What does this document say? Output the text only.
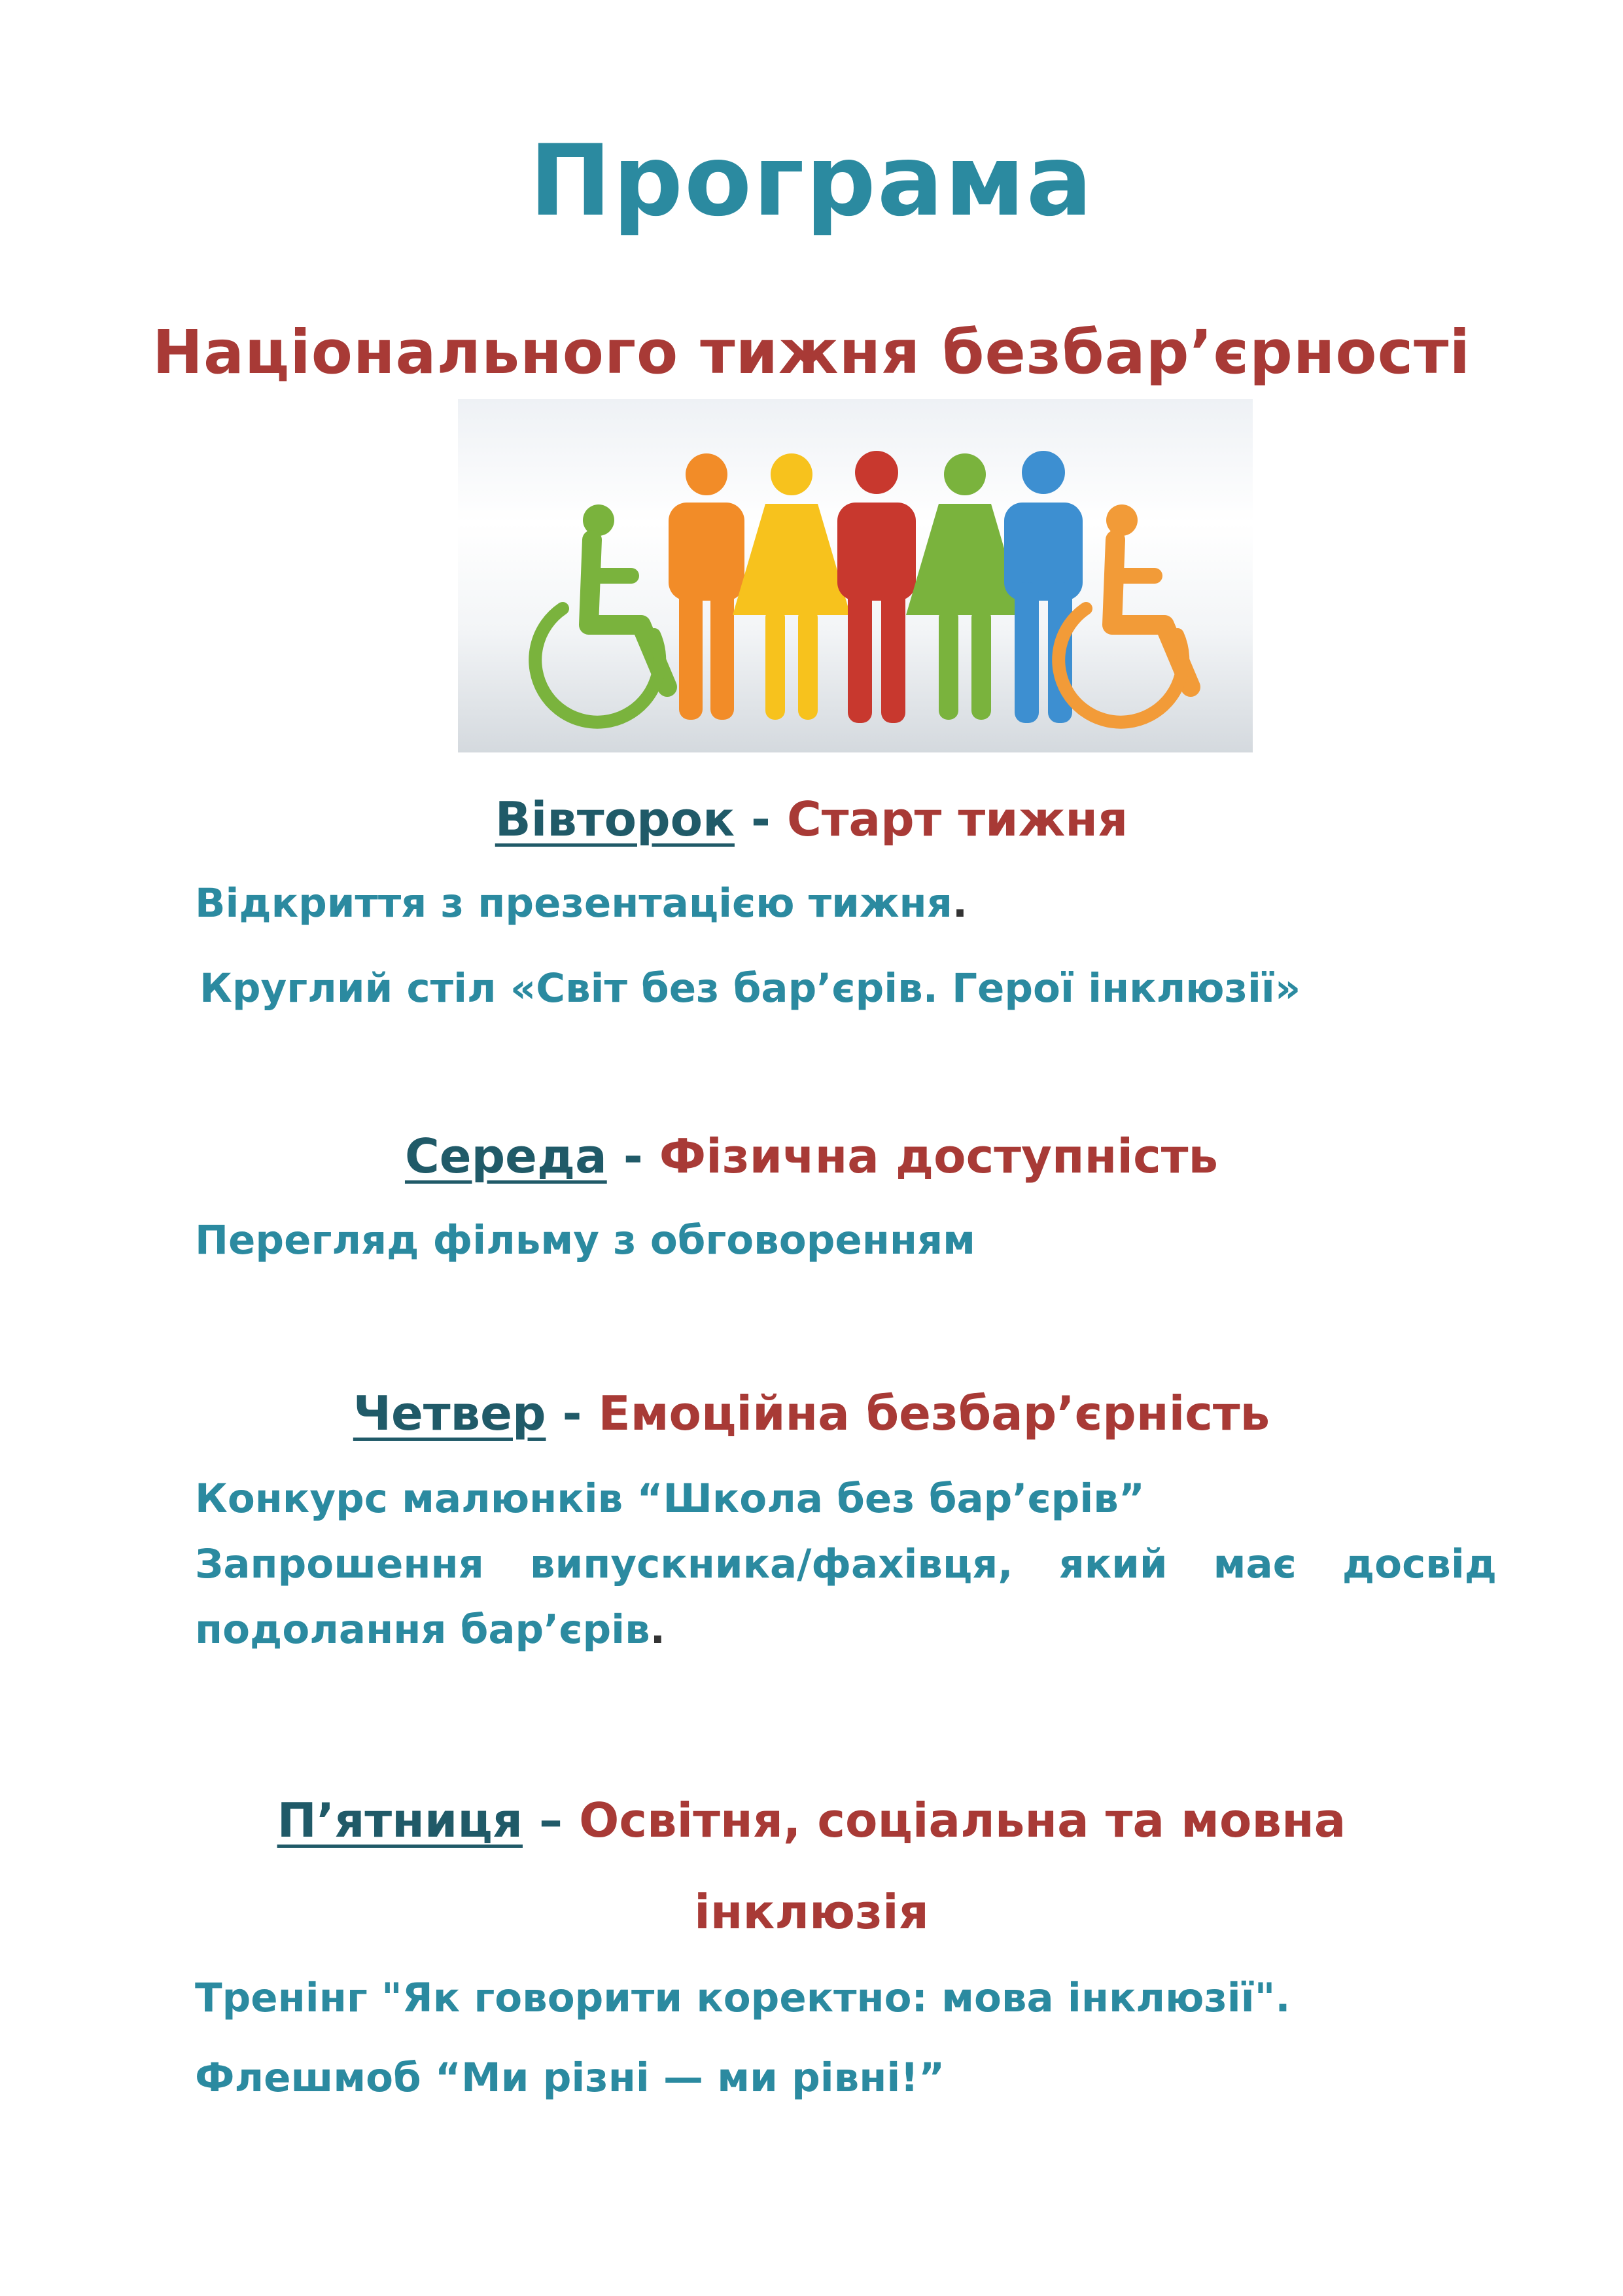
Програма
Національного тижня безбар’єрності
Вівторок - Старт тижня
Відкриття з презентацією тижня.
Круглий стіл «Світ без бар’єрів. Герої інклюзії»
Середа - Фізична доступність
Перегляд фільму з обговоренням
Четвер - Емоційна безбар’єрність
Конкурс малюнків “Школа без бар’єрів”
Запрошення випускника/фахівця, який має досвід
подолання бар’єрів.
П’ятниця – Освітня, соціальна та мовна
інклюзія
Тренінг "Як говорити коректно: мова інклюзії".
Флешмоб “Ми різні — ми рівні!”
